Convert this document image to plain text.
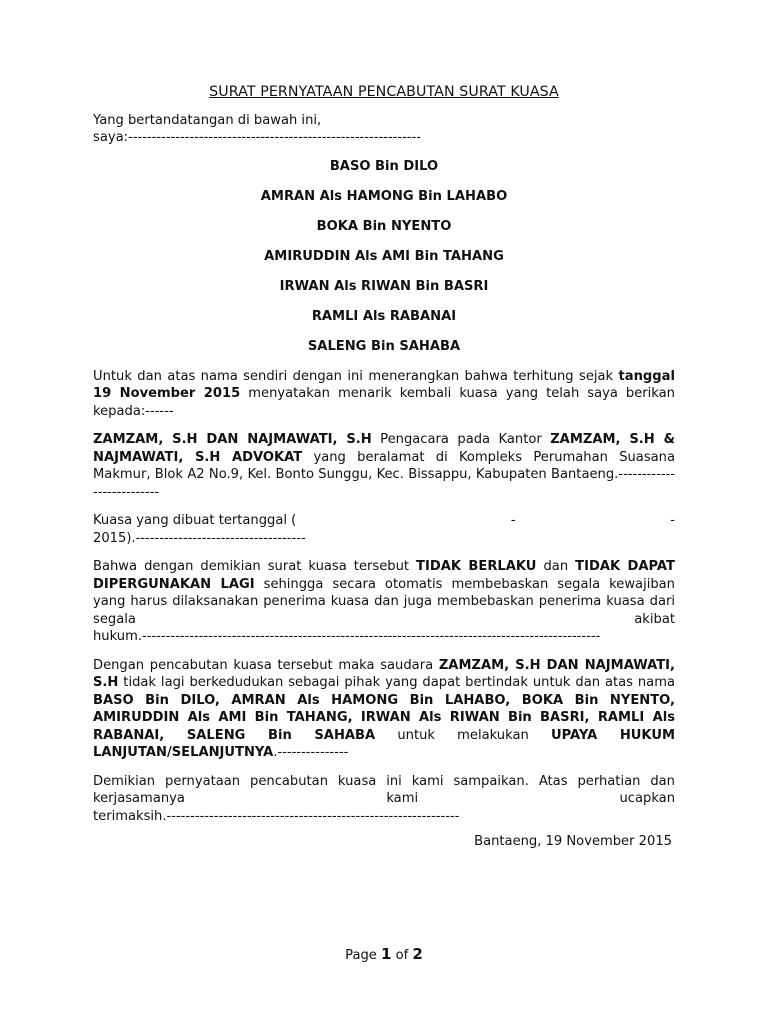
SURAT PERNYATAAN PENCABUTAN SURAT KUASA

Yang bertandatangan di bawah ini,

saya:--------------------------------------------------------------

BASO Bin DILO
AMRAN Als HAMONG Bin LAHABO
BOKA Bin NYENTO
AMIRUDDIN Als AMI Bin TAHANG
IRWAN Als RIWAN Bin BASRI
RAMLI Als RABANAI
SALENG Bin SAHABA

Untuk dan atas nama sendiri dengan ini menerangkan bahwa terhitung sejak tanggal 19 November 2015 menyatakan menarik kembali kuasa yang telah saya berikan kepada:------

ZAMZAM, S.H DAN NAJMAWATI, S.H Pengacara pada Kantor ZAMZAM, S.H & NAJMAWATI, S.H ADVOKAT yang beralamat di Kompleks Perumahan Suasana Makmur, Blok A2 No.9, Kel. Bonto Sunggu, Kec. Bissappu, Kabupaten Bantaeng.--------------------------

Kuasa yang dibuat tertanggal (	-	-
2015).------------------------------------

Bahwa dengan demikian surat kuasa tersebut TIDAK BERLAKU dan TIDAK DAPAT DIPERGUNAKAN LAGI sehingga secara otomatis membebaskan segala kewajiban yang harus dilaksanakan penerima kuasa dan juga membebaskan penerima kuasa dari segala akibat

hukum.-------------------------------------------------------------------------------------------------

Dengan pencabutan kuasa tersebut maka saudara ZAMZAM, S.H DAN NAJMAWATI, S.H tidak lagi berkedudukan sebagai pihak yang dapat bertindak untuk dan atas nama BASO Bin DILO, AMRAN Als HAMONG Bin LAHABO, BOKA Bin NYENTO, AMIRUDDIN Als AMI Bin TAHANG, IRWAN Als RIWAN Bin BASRI, RAMLI Als RABANAI, SALENG Bin SAHABA untuk melakukan UPAYA HUKUM LANJUTAN/SELANJUTNYA.---------------

Demikian pernyataan pencabutan kuasa ini kami sampaikan. Atas perhatian dan kerjasamanya kami ucapkan

terimaksih.--------------------------------------------------------------

Bantaeng, 19 November 2015
Page 1 of 2
